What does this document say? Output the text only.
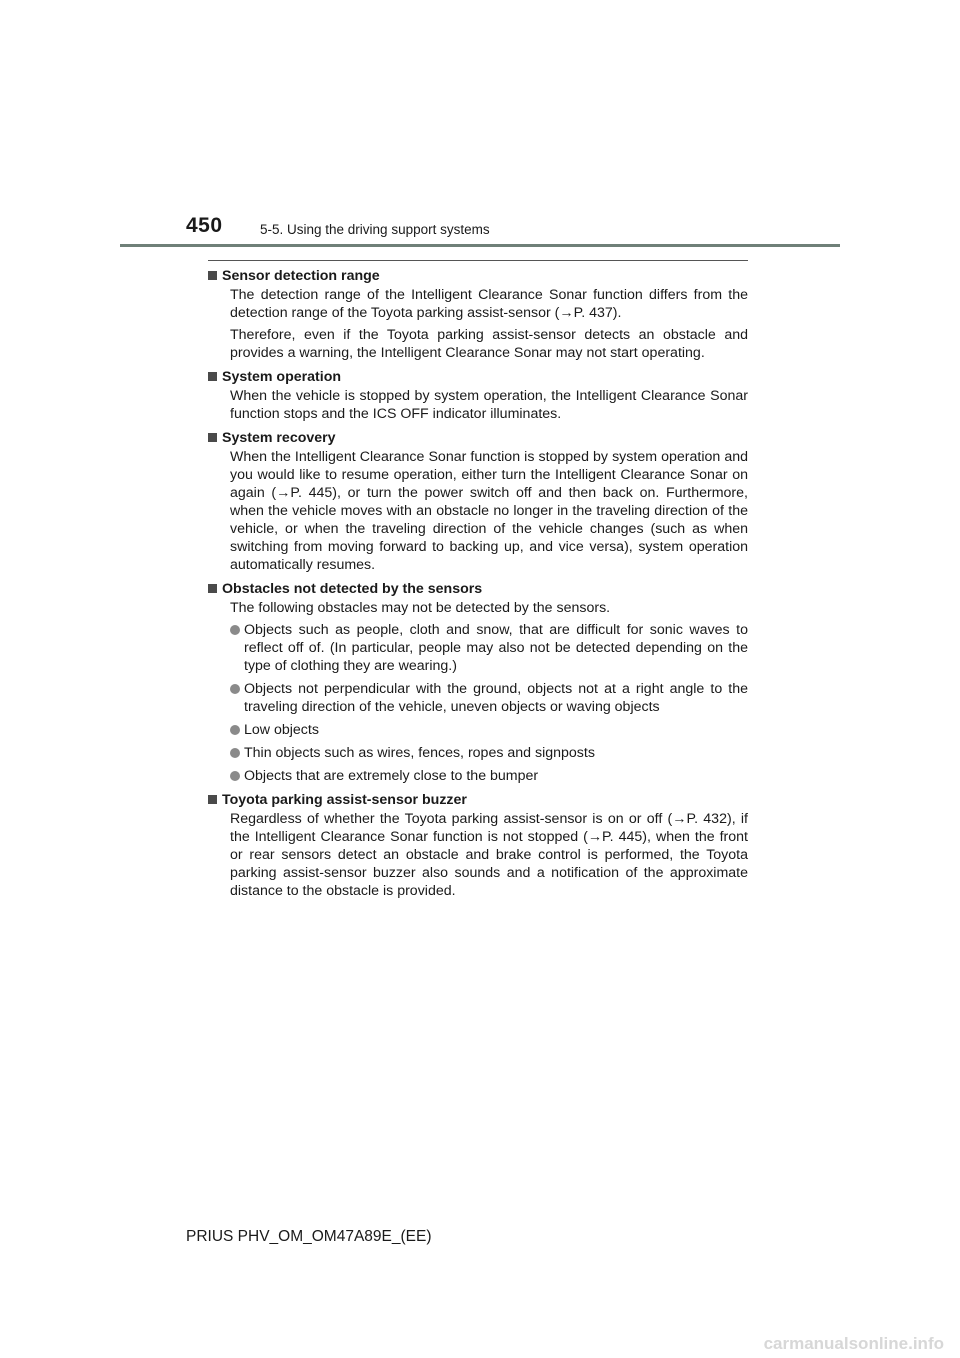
450	5-5. Using the driving support systems
Sensor detection range

The detection range of the Intelligent Clearance Sonar function differs from the detection range of the Toyota parking assist-sensor (→P. 437).

Therefore, even if the Toyota parking assist-sensor detects an obstacle and provides a warning, the Intelligent Clearance Sonar may not start operating.

System operation

When the vehicle is stopped by system operation, the Intelligent Clearance Sonar function stops and the ICS OFF indicator illuminates.

System recovery

When the Intelligent Clearance Sonar function is stopped by system operation and you would like to resume operation, either turn the Intelligent Clearance Sonar on again (→P. 445), or turn the power switch off and then back on. Furthermore, when the vehicle moves with an obstacle no longer in the traveling direction of the vehicle, or when the traveling direction of the vehicle changes (such as when switching from moving forward to backing up, and vice versa), system operation automatically resumes.

Obstacles not detected by the sensors

The following obstacles may not be detected by the sensors.

Objects such as people, cloth and snow, that are difficult for sonic waves to reflect off of. (In particular, people may also not be detected depending on the type of clothing they are wearing.)
Objects not perpendicular with the ground, objects not at a right angle to the traveling direction of the vehicle, uneven objects or waving objects
Low objects
Thin objects such as wires, fences, ropes and signposts
Objects that are extremely close to the bumper
Toyota parking assist-sensor buzzer

Regardless of whether the Toyota parking assist-sensor is on or off (→P. 432), if the Intelligent Clearance Sonar function is not stopped (→P. 445), when the front or rear sensors detect an obstacle and brake control is performed, the Toyota parking assist-sensor buzzer also sounds and a notification of the approximate distance to the obstacle is provided.

PRIUS PHV_OM_OM47A89E_(EE)
carmanualsonline.info
